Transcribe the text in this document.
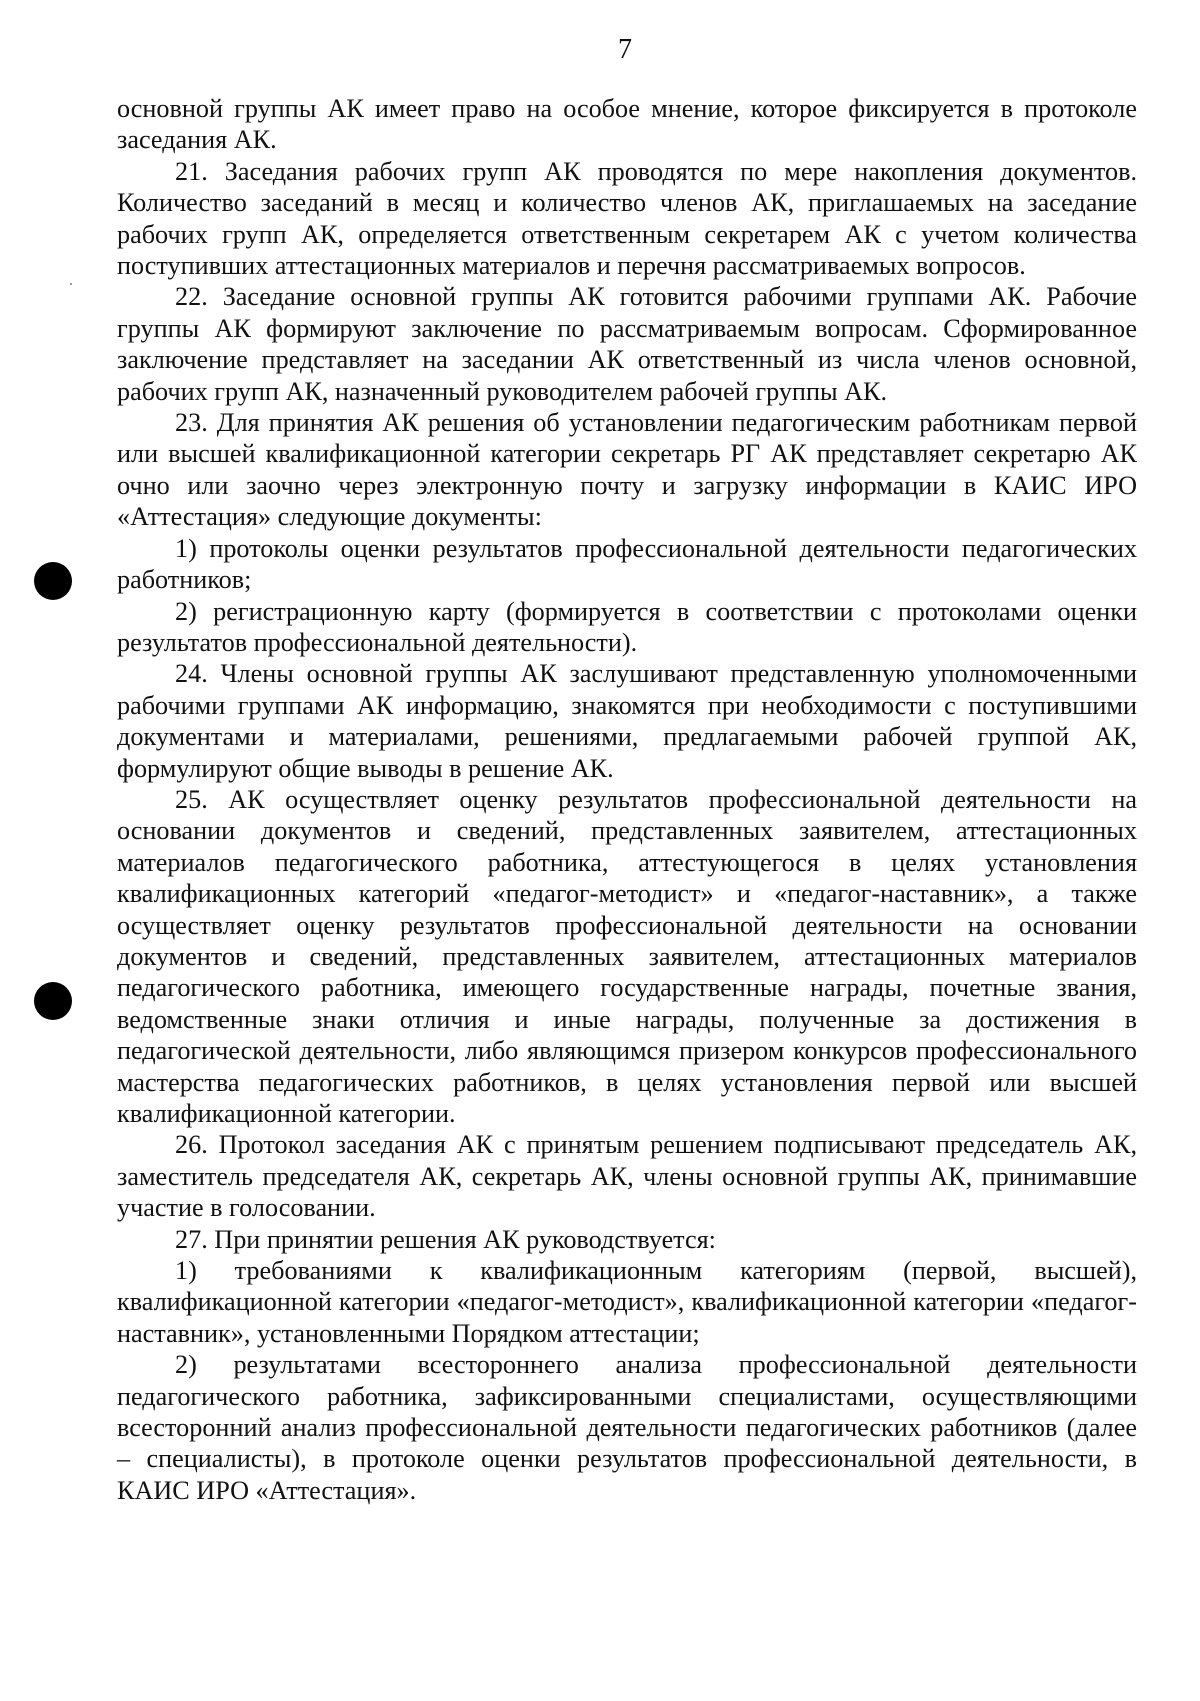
7

основной группы АК имеет право на особое мнение, которое фиксируется в протоколе заседания АК.

21. Заседания рабочих групп АК проводятся по мере накопления документов. Количество заседаний в месяц и количество членов АК, приглашаемых на заседание рабочих групп АК, определяется ответственным секретарем АК с учетом количества поступивших аттестационных материалов и перечня рассматриваемых вопросов.

22. Заседание основной группы АК готовится рабочими группами АК. Рабочие группы АК формируют заключение по рассматриваемым вопросам. Сформированное заключение представляет на заседании АК ответственный из числа членов основной, рабочих групп АК, назначенный руководителем рабочей группы АК.

23. Для принятия АК решения об установлении педагогическим работникам первой или высшей квалификационной категории секретарь РГ АК представляет секретарю АК очно или заочно через электронную почту и загрузку информации в КАИС ИРО «Аттестация» следующие документы:

1) протоколы оценки результатов профессиональной деятельности педагогических работников;

2) регистрационную карту (формируется в соответствии с протоколами оценки результатов профессиональной деятельности).

24. Члены основной группы АК заслушивают представленную уполномоченными рабочими группами АК информацию, знакомятся при необходимости с поступившими документами и материалами, решениями, предлагаемыми рабочей группой АК, формулируют общие выводы в решение АК.

25. АК осуществляет оценку результатов профессиональной деятельности на основании документов и сведений, представленных заявителем, аттестационных материалов педагогического работника, аттестующегося в целях установления квалификационных категорий «педагог-методист» и «педагог-наставник», а также осуществляет оценку результатов профессиональной деятельности на основании документов и сведений, представленных заявителем, аттестационных материалов педагогического работника, имеющего государственные награды, почетные звания, ведомственные знаки отличия и иные награды, полученные за достижения в педагогической деятельности, либо являющимся призером конкурсов профессионального мастерства педагогических работников, в целях установления первой или высшей квалификационной категории.

26. Протокол заседания АК с принятым решением подписывают председатель АК, заместитель председателя АК, секретарь АК, члены основной группы АК, принимавшие участие в голосовании.

27. При принятии решения АК руководствуется:

1) требованиями к квалификационным категориям (первой, высшей), квалификационной категории «педагог-методист», квалификационной категории «педагог-наставник», установленными Порядком аттестации;

2) результатами всестороннего анализа профессиональной деятельности педагогического работника, зафиксированными специалистами, осуществляющими всесторонний анализ профессиональной деятельности педагогических работников (далее – специалисты), в протоколе оценки результатов профессиональной деятельности, в КАИС ИРО «Аттестация».
